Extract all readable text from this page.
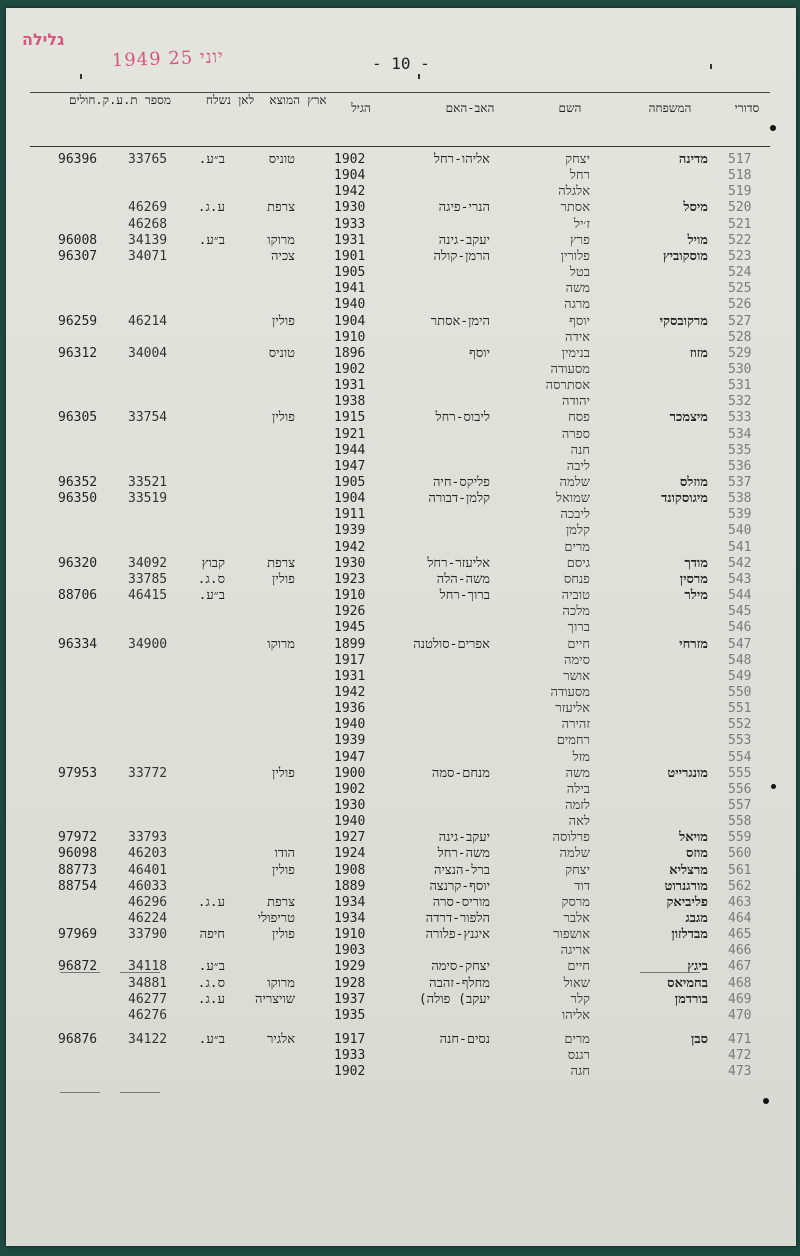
גלילה
1949 יוני 25	- 10 -
סדורי
המשפחה
השם
האב-האם
הגיל
ארץ המוצא
לאן נשלח
מספר ת.ע.ק.חולים
517
מדינה
יצחק
אליהו-רחל
1902
טוניס
ב״ע.
33765
96396
518
רחל
1904
519
אלגלה
1942
520
מיסל
אסתר
הנרי-פיגה
1930
צרפת
ע.ג.
46269
521
ז׳יל
1933
46268
522
מויל
פרץ
יעקב-גינה
1931
מרוקו
ב״ע.
34139
96008
523
מוסקוביץ
פלורין
הרמן-קולה
1901
צכיה
34071
96307
524
בטל
1905
525
משה
1941
526
מרגה
1940
527
מרקובסקי
יוסף
הימן-אסתר
1904
פולין
46214
96259
528
אידה
1910
529
מזוז
בנימין
יוסף
1896
טוניס
34004
96312
530
מסעודה
1902
531
אסתרסה
1931
532
יהודה
1938
533
מיצמכר
פסח
ליבוס-רחל
1915
פולין
33754
96305
534
ספרה
1921
535
חנה
1944
536
ליבה
1947
537
מוזלס
שלמה
פליקס-חיה
1905
33521
96352
538
מיגוסקונד
שמואל
קלמן-דבורה
1904
33519
96350
539
ליבכה
1911
540
קלמן
1939
541
מרים
1942
542
מודך
גיסם
אליעזר-רחל
1930
צרפת
קבוץ
34092
96320
543
מרסין
פנחס
משה-הלה
1923
פולין
ס.ג.
33785
544
מילר
טוביה
ברוך-רחל
1910
ב״ע.
46415
88706
545
מלכה
1926
546
ברוך
1945
547
מזרחי
חיים
אפרים-סולטנה
1899
מרוקו
34900
96334
548
סימה
1917
549
אושר
1931
550
מסעודה
1942
551
אליעזר
1936
552
זהירה
1940
553
רחמים
1939
554
מזל
1947
555
מונגרייט
משה
מנחם-סמה
1900
פולין
33772
97953
556
בילה
1902
557
לזמה
1930
558
לאה
1940
559
מויאל
פרלוסה
יעקב-גינה
1927
33793
97972
560
מוזס
שלמה
משה-רחל
1924
הודו
46203
96098
561
מרצליא
יצחק
ברל-הנציה
1908
פולין
46401
88773
562
מורגנרוט
דוד
יוסף-קרנצה
1889
46033
88754
463
פליביאק
מרסק
מוריס-סרה
1934
צרפת
ע.ג.
46296
464
מגבג
אלבר
הלפור-דרדה
1934
טריפולי
46224
465
מבדלזון
אושפור
איגנץ-פלורה
1910
פולין
חיפה
33790
97969
466
אריגה
1903
467
ביגץ
חיים
יצחק-סימה
1929
ב״ע.
34118
96872
468
בחמיאס
שאול
מחלף-זהבה
1928
מרוקו
ס.ג.
34881
469
בורדמן
קלר
יעקב) פולה)
1937
שויצריה
ע.ג.
46277
470
אליהו
1935
46276
471
סבן
מרים
נסים-חנה
1917
אלגיר
ב״ע.
34122
96876
472
רגנס
1933
473
חגה
1902
